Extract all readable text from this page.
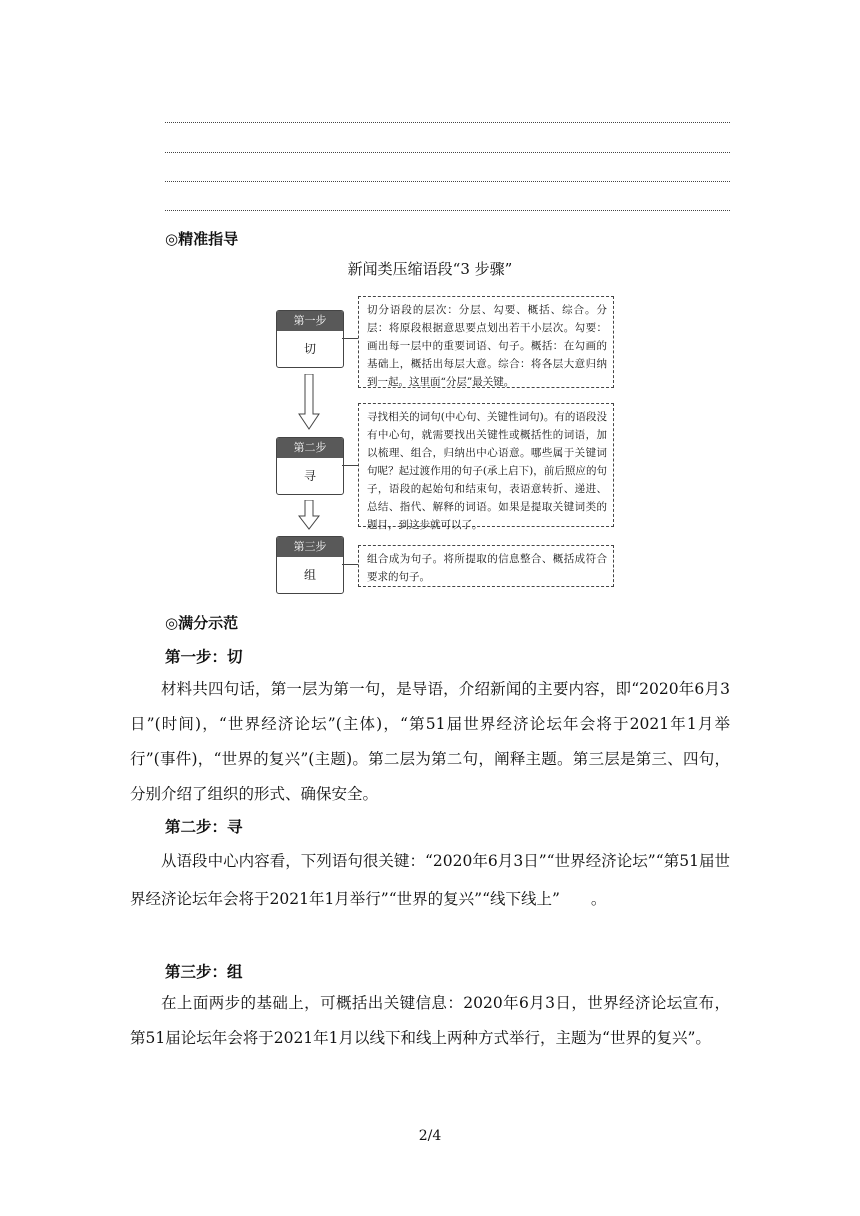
◎精准指导
新闻类压缩语段“3 步骤”
第一步
切
切分语段的层次：分层、勾要、概括、综合。分层：将原段根据意思要点划出若干小层次。勾要：画出每一层中的重要词语、句子。概括：在勾画的基础上，概括出每层大意。综合：将各层大意归纳到一起。这里面“分层”最关键。
第二步
寻
寻找相关的词句(中心句、关键性词句)。有的语段没有中心句，就需要找出关键性或概括性的词语，加以梳理、组合，归纳出中心语意。哪些属于关键词句呢？起过渡作用的句子(承上启下)，前后照应的句子，语段的起始句和结束句，表语意转折、递进、总结、指代、解释的词语。如果是提取关键词类的题目，到这步就可以了。
第三步
组
组合成为句子。将所提取的信息整合、概括成符合要求的句子。
◎满分示范
第一步：切

材料共四句话，第一层为第一句，是导语，介绍新闻的主要内容，即“2020年6月3日”(时间)，“世界经济论坛”(主体)，“第51届世界经济论坛年会将于2021年1月举行”(事件)，“世界的复兴”(主题)。第二层为第二句，阐释主题。第三层是第三、四句，分别介绍了组织的形式、确保安全。

第二步：寻

从语段中心内容看，下列语句很关键：“2020年6月3日”“世界经济论坛”“第51届世界经济论坛年会将于2021年1月举行”“世界的复兴”“线下线上”　　。

第三步：组

在上面两步的基础上，可概括出关键信息：2020年6月3日，世界经济论坛宣布，第51届论坛年会将于2021年1月以线下和线上两种方式举行，主题为“世界的复兴”。

2/4
